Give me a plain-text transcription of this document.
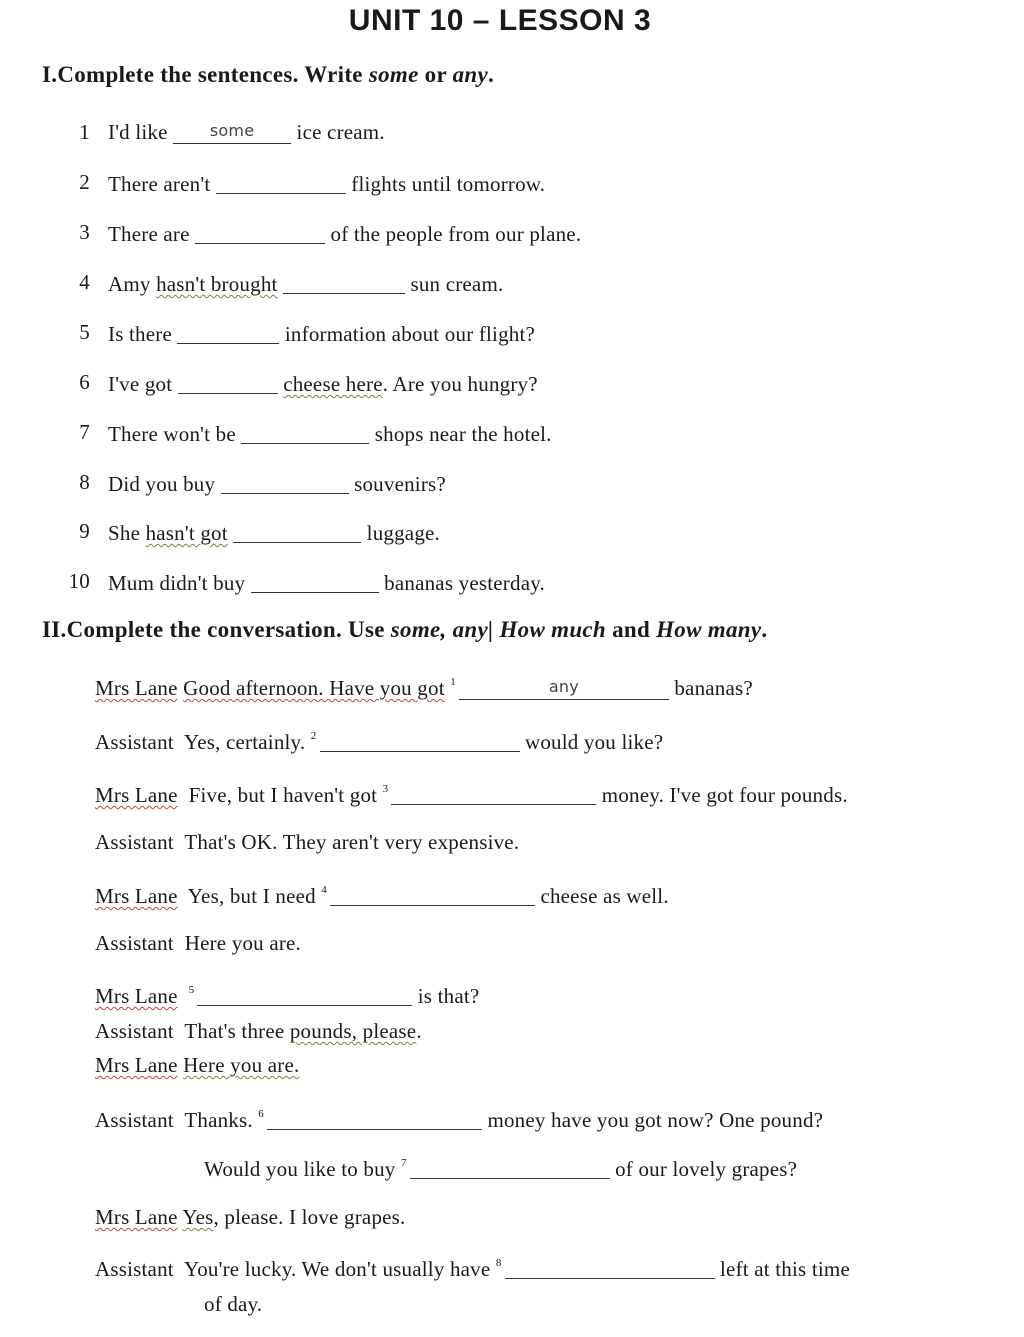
UNIT 10 – LESSON 3
I.Complete the sentences. Write some or any.
1 I'd like $^{some}$ ice cream.
2 There aren't	flights until tomorrow.
3 There are	of the people from our plane.
4 Amy hasn't brought	sun cream.
5 Is there	information about our flight?
6 I've got	cheese here. Are you hungry?
7 There won't be	shops near the hotel.
8 Did you buy	souvenirs?
9 She hasn't got	luggage.
10 Mum didn't buy	bananas yesterday.
II.Complete the conversation. Use some, any| How much and How many.
Mrs Lane Good afternoon. Have you got $^1$	$^{any}$	bananas?
Assistant Yes, certainly. $^2$	would you like?
Mrs Lane Five, but I haven't got $^3$	money. I've got four pounds.
Assistant That's OK. They aren't very expensive.
Mrs Lane Yes, but I need $^4$	cheese as well.
Assistant Here you are.
Mrs Lane $^5$	is that?
Assistant That's three pounds, please.
Mrs Lane Here you are.
Assistant Thanks. $^6$	money have you got now? One pound?
Would you like to buy $^7$	of our lovely grapes?
Mrs Lane Yes, please. I love grapes.
Assistant You're lucky. We don't usually have $^8$	left at this time
of day.
